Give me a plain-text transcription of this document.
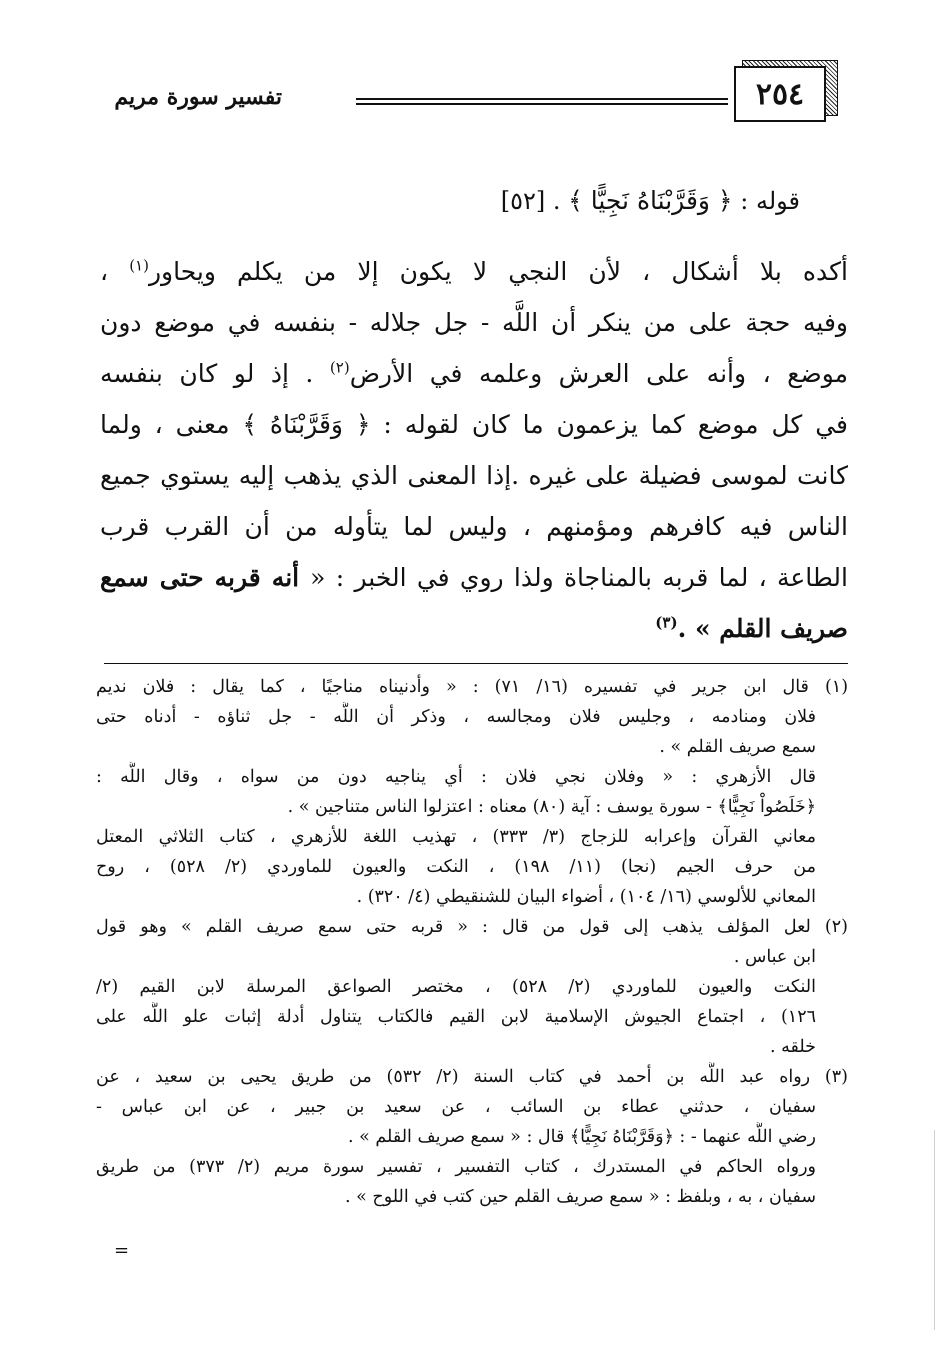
٢٥٤
تفسير سورة مريم
قوله : ﴿ وَقَرَّبْنَاهُ نَجِيًّا ﴾ . [٥٢]
أكده بلا أشكال ، لأن النجي لا يكون إلا من يكلم ويحاور$^{(١)}$ ،
وفيه حجة على من ينكر أن اللَّه - جل جلاله - بنفسه في موضع دون
موضع ، وأنه على العرش وعلمه في الأرض$^{(٢)}$ . إذ لو كان بنفسه
في كل موضع كما يزعمون ما كان لقوله : ﴿ وَقَرَّبْنَاهُ ﴾ معنى ، ولما
كانت لموسى فضيلة على غيره .إذا المعنى الذي يذهب إليه يستوي جميع
الناس فيه كافرهم ومؤمنهم ، وليس لما يتأوله من أن القرب قرب
الطاعة ، لما قربه بالمناجاة ولذا روي في الخبر : « أنه قربه حتى سمع
صريف القلم » .$^{(٣)}$
(١) قال ابن جرير في تفسيره (١٦/ ٧١) : « وأدنيناه مناجيًا ، كما يقال : فلان نديم
فلان ومنادمه ، وجليس فلان ومجالسه ، وذكر أن اللَّه - جل ثناؤه - أدناه حتى
سمع صريف القلم » .
قال الأزهري : « وفلان نجي فلان : أي يناجيه دون من سواه ، وقال اللَّه :
﴿خَلَصُواْ نَجِيًّا﴾ - سورة يوسف : آية (٨٠) معناه : اعتزلوا الناس متناجين » .
معاني القرآن وإعرابه للزجاج (٣/ ٣٣٣) ، تهذيب اللغة للأزهري ، كتاب الثلاثي المعتل
من حرف الجيم (نجا) (١١/ ١٩٨) ، النكت والعيون للماوردي (٢/ ٥٢٨) ، روح
المعاني للألوسي (١٦/ ١٠٤) ، أضواء البيان للشنقيطي (٤/ ٣٢٠) .
(٢) لعل المؤلف يذهب إلى قول من قال : « قربه حتى سمع صريف القلم » وهو قول
ابن عباس .
النكت والعيون للماوردي (٢/ ٥٢٨) ، مختصر الصواعق المرسلة لابن القيم (٢/
١٢٦) ، اجتماع الجيوش الإسلامية لابن القيم فالكتاب يتناول أدلة إثبات علو اللَّه على
خلقه .
(٣) رواه عبد اللَّه بن أحمد في كتاب السنة (٢/ ٥٣٢) من طريق يحيى بن سعيد ، عن
سفيان ، حدثني عطاء بن السائب ، عن سعيد بن جبير ، عن ابن عباس -
رضي اللَّه عنهما - : ﴿وَقَرَّبْنَاهُ نَجِيًّا﴾ قال : « سمع صريف القلم » .
ورواه الحاكم في المستدرك ، كتاب التفسير ، تفسير سورة مريم (٢/ ٣٧٣) من طريق
سفيان ، به ، وبلفظ : « سمع صريف القلم حين كتب في اللوح » .
=
